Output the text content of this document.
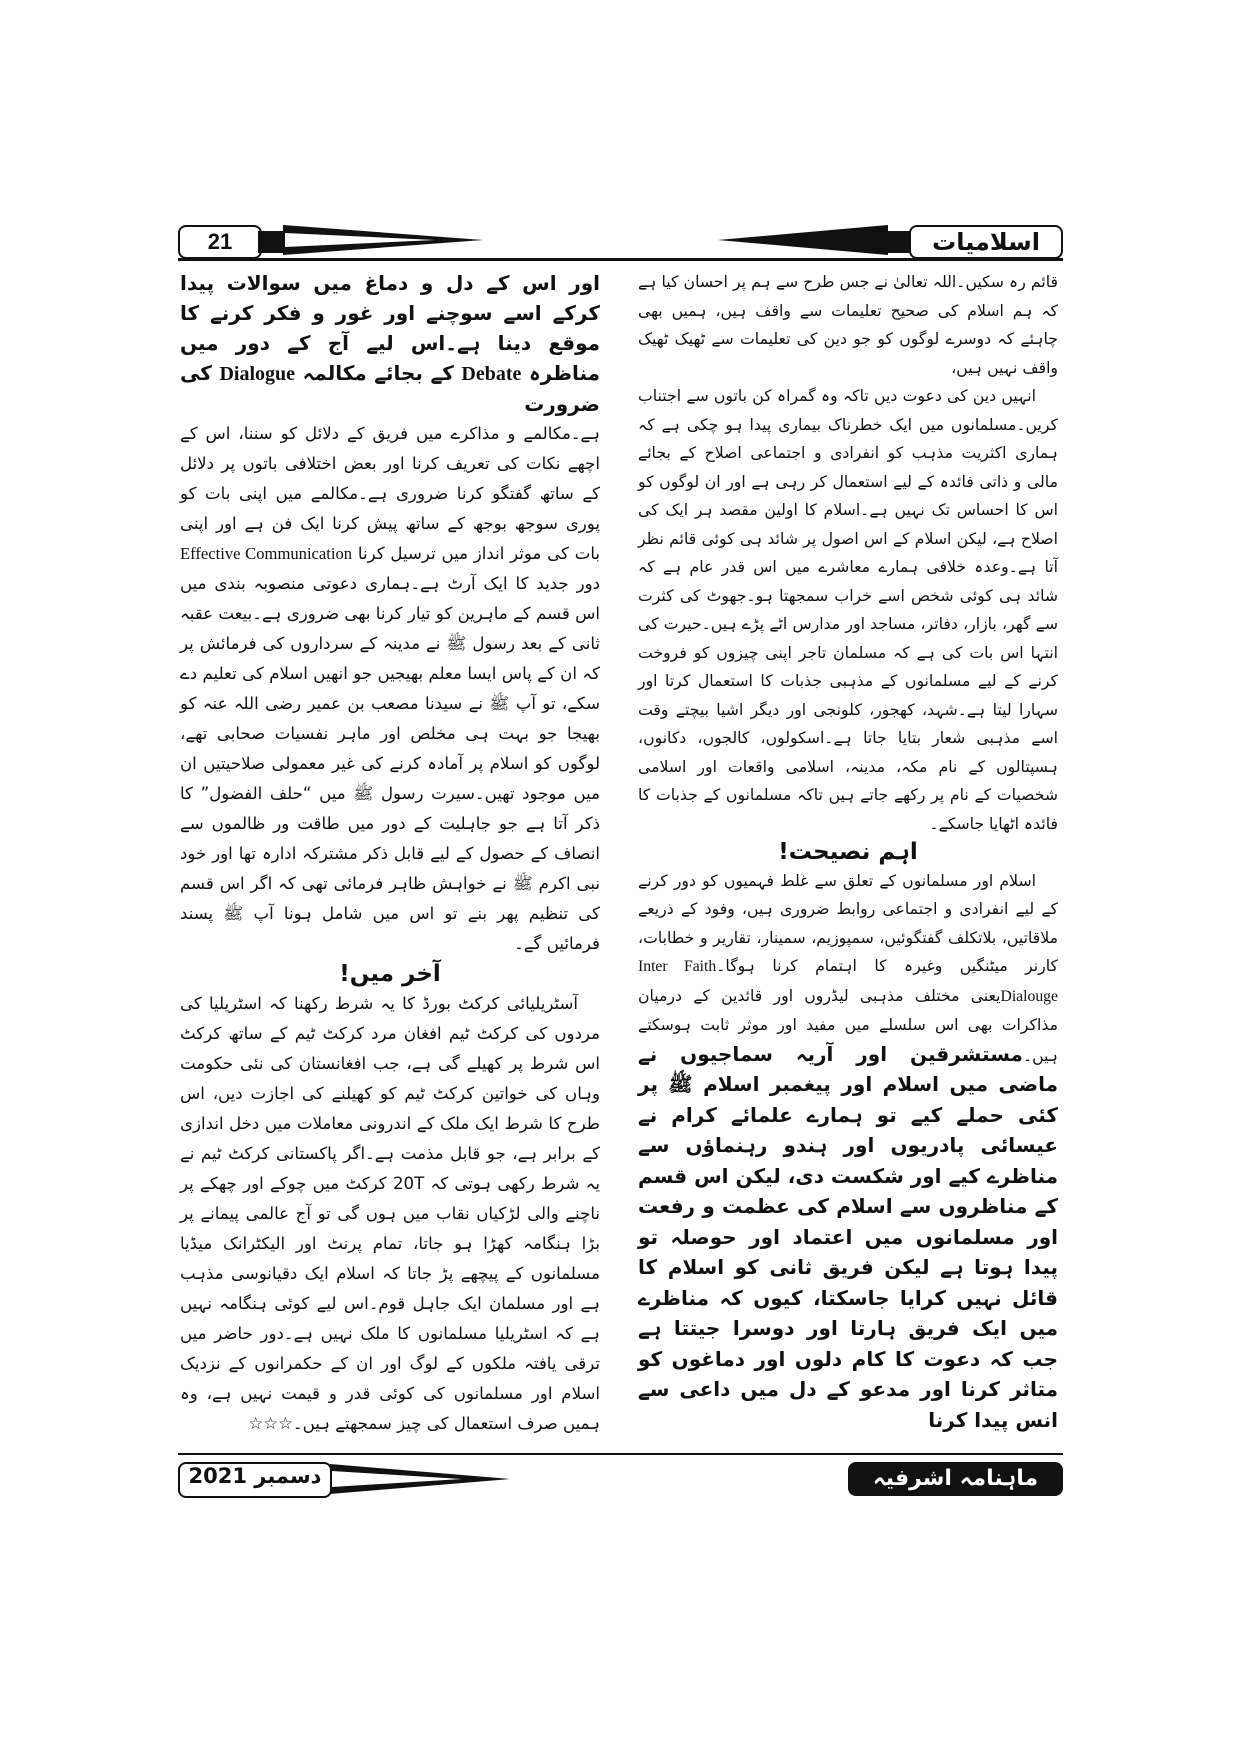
21	اسلامیات

قائم رہ سکیں۔اللہ تعالیٰ نے جس طرح سے ہم پر احسان کیا ہے کہ ہم اسلام کی صحیح تعلیمات سے واقف ہیں، ہمیں بھی چاہئے کہ دوسرے لوگوں کو جو دین کی تعلیمات سے ٹھیک ٹھیک واقف نہیں ہیں،

انہیں دین کی دعوت دیں تاکہ وہ گمراہ کن باتوں سے اجتناب کریں۔مسلمانوں میں ایک خطرناک بیماری پیدا ہو چکی ہے کہ ہماری اکثریت مذہب کو انفرادی و اجتماعی اصلاح کے بجائے مالی و ذاتی فائدہ کے لیے استعمال کر رہی ہے اور ان لوگوں کو اس کا احساس تک نہیں ہے۔اسلام کا اولین مقصد ہر ایک کی اصلاح ہے، لیکن اسلام کے اس اصول پر شائد ہی کوئی قائم نظر آتا ہے۔وعدہ خلافی ہمارے معاشرے میں اس قدر عام ہے کہ شائد ہی کوئی شخص اسے خراب سمجھتا ہو۔جھوٹ کی کثرت سے گھر، بازار، دفاتر، مساجد اور مدارس اٹے پڑے ہیں۔حیرت کی انتہا اس بات کی ہے کہ مسلمان تاجر اپنی چیزوں کو فروخت کرنے کے لیے مسلمانوں کے مذہبی جذبات کا استعمال کرتا اور سہارا لیتا ہے۔شہد، کھجور، کلونجی اور دیگر اشیا بیچتے وقت اسے مذہبی شعار بتایا جاتا ہے۔اسکولوں، کالجوں، دکانوں، ہسپتالوں کے نام مکہ، مدینہ، اسلامی واقعات اور اسلامی شخصیات کے نام پر رکھے جاتے ہیں تاکہ مسلمانوں کے جذبات کا فائدہ اٹھایا جاسکے۔

اہم نصیحت!

اسلام اور مسلمانوں کے تعلق سے غلط فہمیوں کو دور کرنے کے لیے انفرادی و اجتماعی روابط ضروری ہیں، وفود کے ذریعے ملاقاتیں، بلاتکلف گفتگوئیں، سمپوزیم، سمینار، تقاریر و خطابات، کارنر میٹنگیں وغیرہ کا اہتمام کرنا ہوگا۔Inter Faith Dialougeیعنی مختلف مذہبی لیڈروں اور قائدین کے درمیان مذاکرات بھی اس سلسلے میں مفید اور موثر ثابت ہوسکتے ہیں۔مستشرقین اور آریہ سماجیوں نے ماضی میں اسلام اور پیغمبر اسلام ﷺ پر کئی حملے کیے تو ہمارے علمائے کرام نے عیسائی پادریوں اور ہندو رہنماؤں سے مناظرے کیے اور شکست دی، لیکن اس قسم کے مناظروں سے اسلام کی عظمت و رفعت اور مسلمانوں میں اعتماد اور حوصلہ تو پیدا ہوتا ہے لیکن فریق ثانی کو اسلام کا قائل نہیں کرایا جاسکتا، کیوں کہ مناظرے میں ایک فریق ہارتا اور دوسرا جیتتا ہے جب کہ دعوت کا کام دلوں اور دماغوں کو متاثر کرنا اور مدعو کے دل میں داعی سے انس پیدا کرنا

اور اس کے دل و دماغ میں سوالات پیدا کرکے اسے سوچنے اور غور و فکر کرنے کا موقع دینا ہے۔اس لیے آج کے دور میں مناظرہ Debate کے بجائے مکالمہ Dialogue کی ضرورت

ہے۔مکالمے و مذاکرے میں فریق کے دلائل کو سننا، اس کے اچھے نکات کی تعریف کرنا اور بعض اختلافی باتوں پر دلائل کے ساتھ گفتگو کرنا ضروری ہے۔مکالمے میں اپنی بات کو پوری سوجھ بوجھ کے ساتھ پیش کرنا ایک فن ہے اور اپنی بات کی موثر انداز میں ترسیل کرنا Effective Communication دور جدید کا ایک آرٹ ہے۔ہماری دعوتی منصوبہ بندی میں اس قسم کے ماہرین کو تیار کرنا بھی ضروری ہے۔بیعت عقبہ ثانی کے بعد رسول ﷺ نے مدینہ کے سرداروں کی فرمائش پر کہ ان کے پاس ایسا معلم بھیجیں جو انھیں اسلام کی تعلیم دے سکے، تو آپ ﷺ نے سیدنا مصعب بن عمیر رضی اللہ عنہ کو بھیجا جو بہت ہی مخلص اور ماہر نفسیات صحابی تھے، لوگوں کو اسلام پر آمادہ کرنے کی غیر معمولی صلاحیتیں ان میں موجود تھیں۔سیرت رسول ﷺ میں “حلف الفضول” کا ذکر آتا ہے جو جاہلیت کے دور میں طاقت ور ظالموں سے انصاف کے حصول کے لیے قابل ذکر مشترکہ ادارہ تھا اور خود نبی اکرم ﷺ نے خواہش ظاہر فرمائی تھی کہ اگر اس قسم کی تنظیم پھر بنے تو اس میں شامل ہونا آپ ﷺ پسند فرمائیں گے۔

آخر میں!

آسٹریلیائی کرکٹ بورڈ کا یہ شرط رکھنا کہ اسٹریلیا کی مردوں کی کرکٹ ٹیم افغان مرد کرکٹ ٹیم کے ساتھ کرکٹ اس شرط پر کھیلے گی ہے، جب افغانستان کی نئی حکومت وہاں کی خواتین کرکٹ ٹیم کو کھیلنے کی اجازت دیں، اس طرح کا شرط ایک ملک کے اندرونی معاملات میں دخل اندازی کے برابر ہے، جو قابل مذمت ہے۔اگر پاکستانی کرکٹ ٹیم نے یہ شرط رکھی ہوتی کہ 20T کرکٹ میں چوکے اور چھکے پر ناچنے والی لڑکیاں نقاب میں ہوں گی تو آج عالمی پیمانے پر بڑا ہنگامہ کھڑا ہو جاتا، تمام پرنٹ اور الیکٹرانک میڈیا مسلمانوں کے پیچھے پڑ جاتا کہ اسلام ایک دقیانوسی مذہب ہے اور مسلمان ایک جاہل قوم۔اس لیے کوئی ہنگامہ نہیں ہے کہ اسٹریلیا مسلمانوں کا ملک نہیں ہے۔دور حاضر میں ترقی یافتہ ملکوں کے لوگ اور ان کے حکمرانوں کے نزدیک اسلام اور مسلمانوں کی کوئی قدر و قیمت نہیں ہے، وہ ہمیں صرف استعمال کی چیز سمجھتے ہیں۔☆☆☆

دسمبر 2021	ماہنامہ اشرفیہ
